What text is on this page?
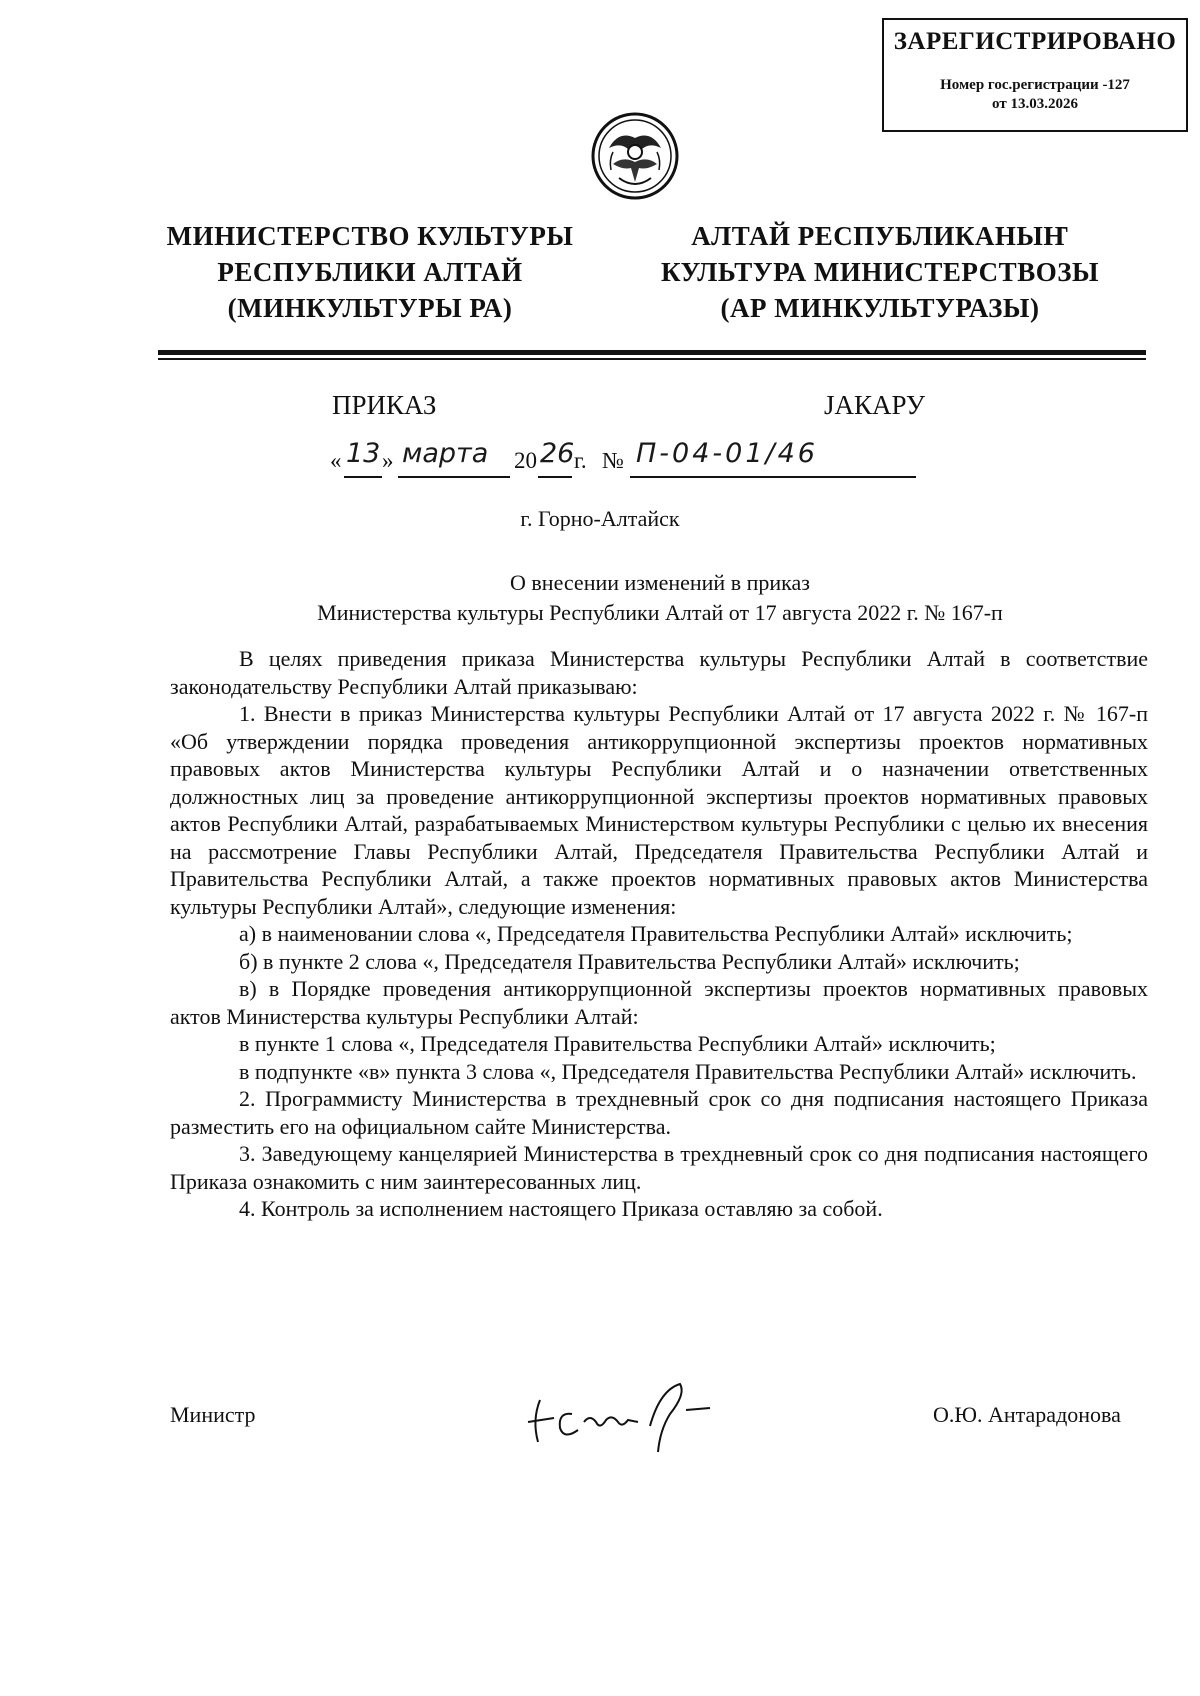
ЗАРЕГИСТРИРОВАНО
Номер гос.регистрации -127
от 13.03.2026
МИНИСТЕРСТВО КУЛЬТУРЫ
РЕСПУБЛИКИ АЛТАЙ
(МИНКУЛЬТУРЫ РА)
АЛТАЙ РЕСПУБЛИКАНЫҤ
КУЛЬТУРА МИНИСТЕРСТВОЗЫ
(АР МИНКУЛЬТУРАЗЫ)
ПРИКАЗ	JАКАРУ
« 13 » марта 20 26 г. № П-04-01/46
г. Горно-Алтайск
О внесении изменений в приказ
Министерства культуры Республики Алтай от 17 августа 2022 г. № 167-п

В целях приведения приказа Министерства культуры Республики Алтай в соответствие законодательству Республики Алтай приказываю:

1. Внести в приказ Министерства культуры Республики Алтай от 17 августа 2022 г. № 167-п «Об утверждении порядка проведения антикоррупционной экспертизы проектов нормативных правовых актов Министерства культуры Республики Алтай и о назначении ответственных должностных лиц за проведение антикоррупционной экспертизы проектов нормативных правовых актов Республики Алтай, разрабатываемых Министерством культуры Республики с целью их внесения на рассмотрение Главы Республики Алтай, Председателя Правительства Республики Алтай и Правительства Республики Алтай, а также проектов нормативных правовых актов Министерства культуры Республики Алтай», следующие изменения:

а) в наименовании слова «, Председателя Правительства Республики Алтай» исключить;

б) в пункте 2 слова «, Председателя Правительства Республики Алтай» исключить;

в) в Порядке проведения антикоррупционной экспертизы проектов нормативных правовых актов Министерства культуры Республики Алтай:

в пункте 1 слова «, Председателя Правительства Республики Алтай» исключить;

в подпункте «в» пункта 3 слова «, Председателя Правительства Республики Алтай» исключить.

2. Программисту Министерства в трехдневный срок со дня подписания настоящего Приказа разместить его на официальном сайте Министерства.

3. Заведующему канцелярией Министерства в трехдневный срок со дня подписания настоящего Приказа ознакомить с ним заинтересованных лиц.

4. Контроль за исполнением настоящего Приказа оставляю за собой.

Министр	О.Ю. Антарадонова
